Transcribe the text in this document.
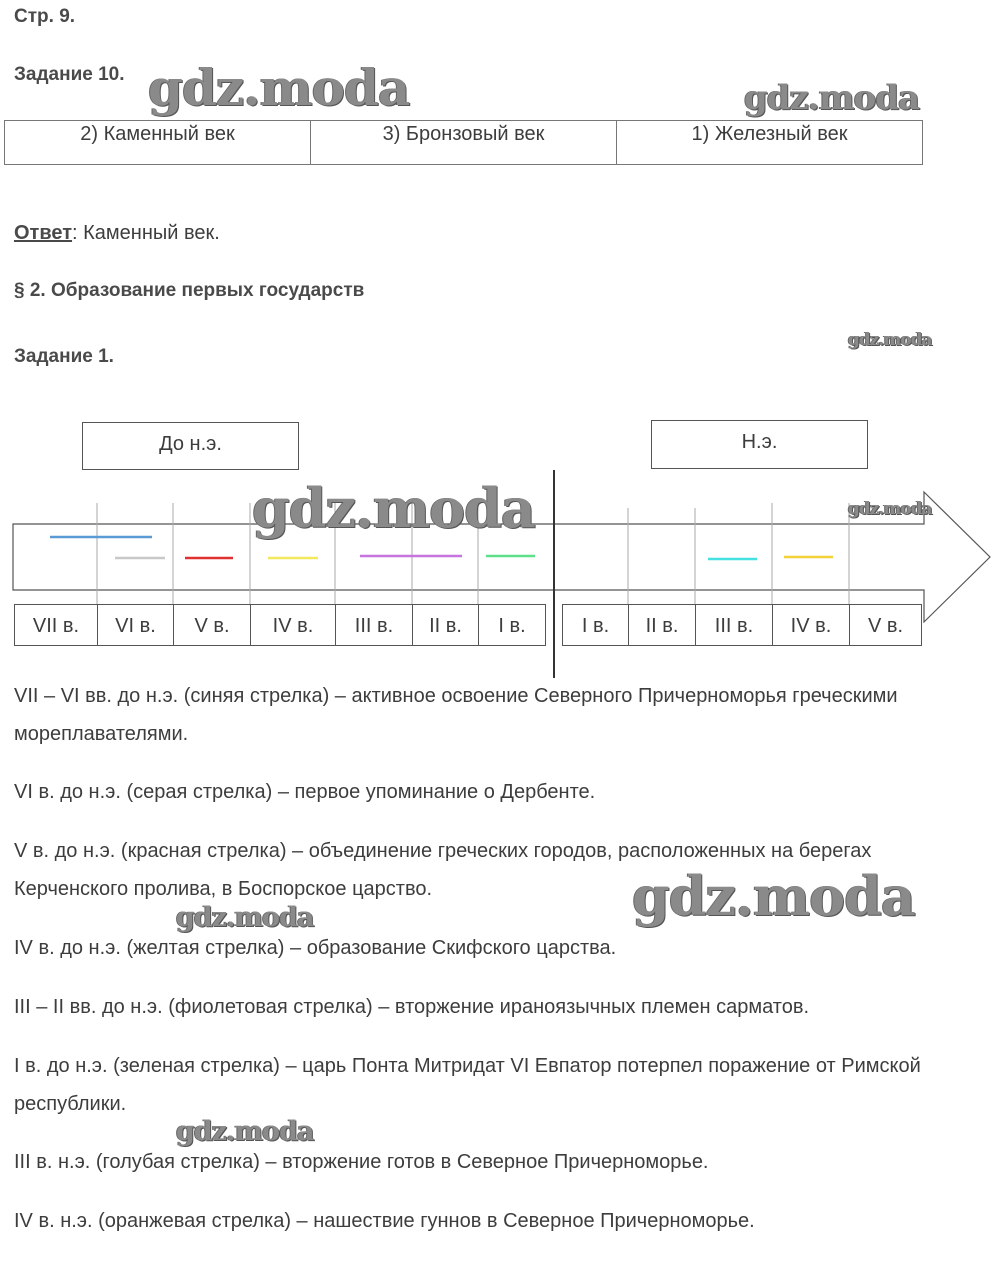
Стр. 9.
Задание 10.
2) Каменный век	3) Бронзовый век	1) Железный век
Ответ: Каменный век.
§ 2. Образование первых государств
Задание 1.
До н.э.	Н.э.
VII в.	VI в.	V в.	IV в.	III в.	II в.	I в.	I в.	II в.	III в.	IV в.	V в.
VII – VI вв. до н.э. (синяя стрелка) – активное освоение Северного Причерноморья греческими мореплавателями.
VI в. до н.э. (серая стрелка) – первое упоминание о Дербенте.
V в. до н.э. (красная стрелка) – объединение греческих городов, расположенных на берегах Керченского пролива, в Боспорское царство.
IV в. до н.э. (желтая стрелка) – образование Скифского царства.
III – II вв. до н.э. (фиолетовая стрелка) – вторжение ираноязычных племен сарматов.
I в. до н.э. (зеленая стрелка) – царь Понта Митридат VI Евпатор потерпел поражение от Римской республики.
III в. н.э. (голубая стрелка) – вторжение готов в Северное Причерноморье.
IV в. н.э. (оранжевая стрелка) – нашествие гуннов в Северное Причерноморье.
gdz.moda	gdz.moda
gdz.moda
gdz.moda	gdz.moda
gdz.moda
gdz.moda
gdz.moda
